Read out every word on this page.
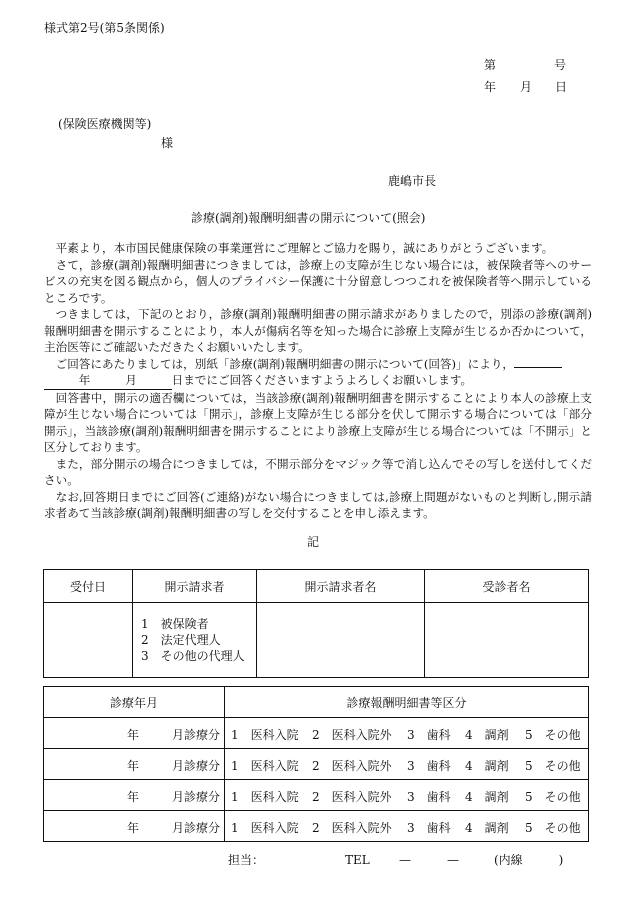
様式第2号(第5条関係)
第	号
年 月 日
(保険医療機関等)
様
鹿嶋市長
診療(調剤)報酬明細書の開示について(照会)

平素より，本市国民健康保険の事業運営にご理解とご協力を賜り，誠にありがとうございます。

さて，診療(調剤)報酬明細書につきましては，診療上の支障が生じない場合には，被保険者等へのサービスの充実を図る観点から，個人のプライバシー保護に十分留意しつつこれを被保険者等へ開示しているところです。

つきましては，下記のとおり，診療(調剤)報酬明細書の開示請求がありましたので，別添の診療(調剤)報酬明細書を開示することにより，本人が傷病名等を知った場合に診療上支障が生じるか否かについて，主治医等にご確認いただきたくお願いいたします。

ご回答にあたりましては，別紙「診療(調剤)報酬明細書の開示について(回答)」により，
　　年　　　	月　　　	日までにご回答くださいますようよろしくお願いします。

回答書中，開示の適否欄については，当該診療(調剤)報酬明細書を開示することにより本人の診療上支障が生じない場合については「開示」，診療上支障が生じる部分を伏して開示する場合については「部分開示」，当該診療(調剤)報酬明細書を開示することにより診療上支障が生じる場合については「不開示」と区分しております。

また，部分開示の場合につきましては，不開示部分をマジック等で消し込んでその写しを送付してください。

なお,回答期日までにご回答(ご連絡)がない場合につきましては,診療上問題がないものと判断し,開示請求者あて当該診療(調剤)報酬明細書の写しを交付することを申し添えます。

記
受付日	開示請求者	開示請求者名	受診者名

	1　被保険者
2　法定代理人
3　その他の代理人		

診療年月	診療報酬明細書等区分

年 月診療分	1　医科入院 2　医科入院外 3　歯科 4　調剤 5　その他

年 月診療分	1　医科入院 2　医科入院外 3　歯科 4　調剤 5　その他

年 月診療分	1　医科入院 2　医科入院外 3　歯科 4　調剤 5　その他

年 月診療分	1　医科入院 2　医科入院外 3　歯科 4　調剤 5　その他
担当：	TEL —	—	(内線　　　)
